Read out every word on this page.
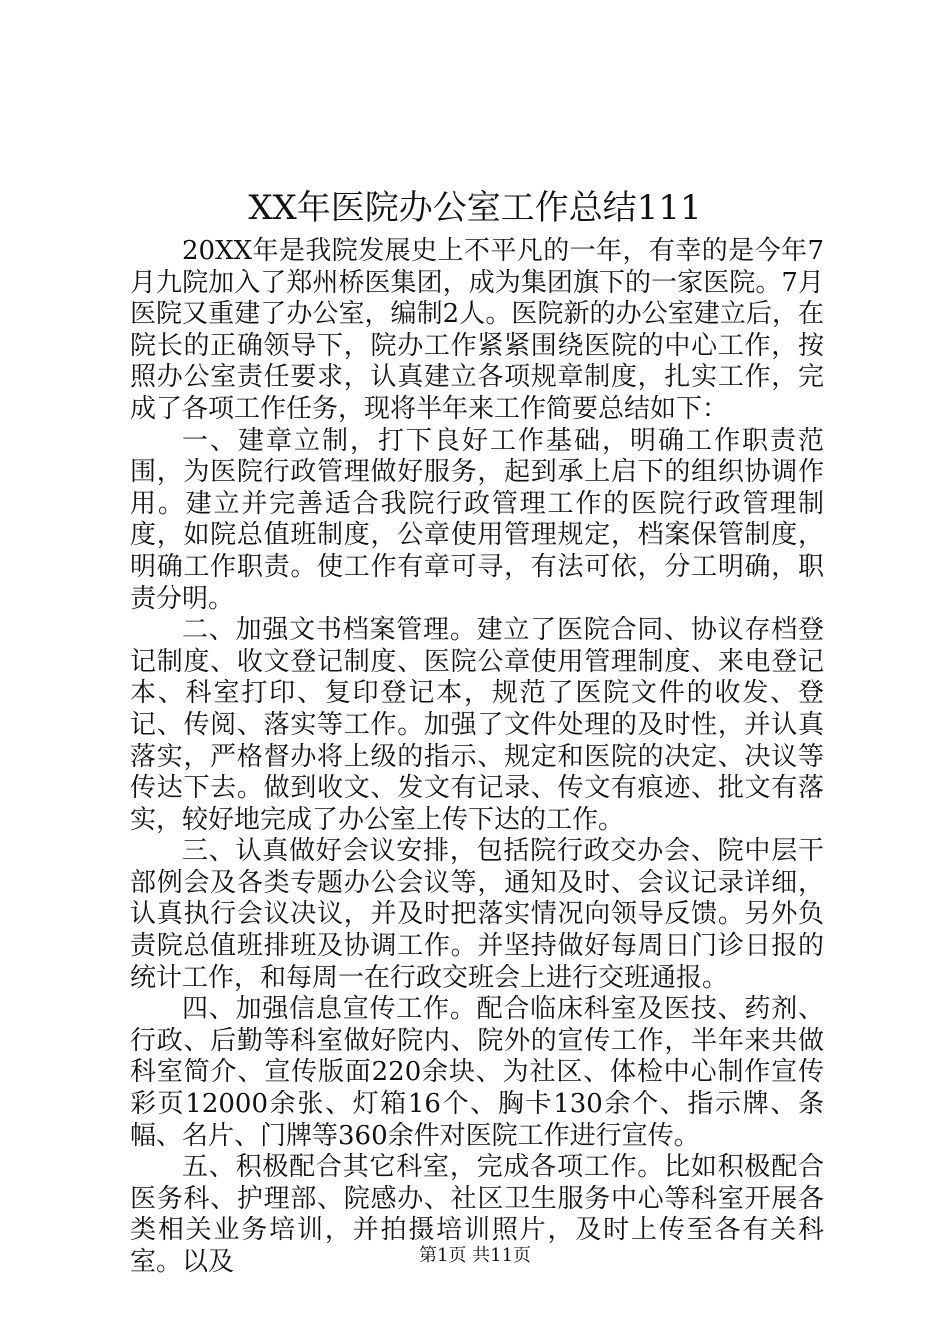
XX年医院办公室工作总结111

20XX年是我院发展史上不平凡的一年，有幸的是今年7月九院加入了郑州桥医集团，成为集团旗下的一家医院。7月医院又重建了办公室，编制2人。医院新的办公室建立后，在院长的正确领导下，院办工作紧紧围绕医院的中心工作，按照办公室责任要求，认真建立各项规章制度，扎实工作，完成了各项工作任务，现将半年来工作简要总结如下：

一、建章立制，打下良好工作基础，明确工作职责范围，为医院行政管理做好服务，起到承上启下的组织协调作用。建立并完善适合我院行政管理工作的医院行政管理制度，如院总值班制度，公章使用管理规定，档案保管制度，明确工作职责。使工作有章可寻，有法可依，分工明确，职责分明。

二、加强文书档案管理。建立了医院合同、协议存档登记制度、收文登记制度、医院公章使用管理制度、来电登记本、科室打印、复印登记本，规范了医院文件的收发、登记、传阅、落实等工作。加强了文件处理的及时性，并认真落实，严格督办将上级的指示、规定和医院的决定、决议等传达下去。做到收文、发文有记录、传文有痕迹、批文有落实，较好地完成了办公室上传下达的工作。

三、认真做好会议安排，包括院行政交办会、院中层干部例会及各类专题办公会议等，通知及时、会议记录详细，认真执行会议决议，并及时把落实情况向领导反馈。另外负责院总值班排班及协调工作。并坚持做好每周日门诊日报的统计工作，和每周一在行政交班会上进行交班通报。

四、加强信息宣传工作。配合临床科室及医技、药剂、行政、后勤等科室做好院内、院外的宣传工作，半年来共做科室简介、宣传版面220余块、为社区、体检中心制作宣传彩页12000余张、灯箱16个、胸卡130余个、指示牌、条幅、名片、门牌等360余件对医院工作进行宣传。

五、积极配合其它科室，完成各项工作。比如积极配合医务科、护理部、院感办、社区卫生服务中心等科室开展各类相关业务培训，并拍摄培训照片，及时上传至各有关科室。以及	第1页 共11页
